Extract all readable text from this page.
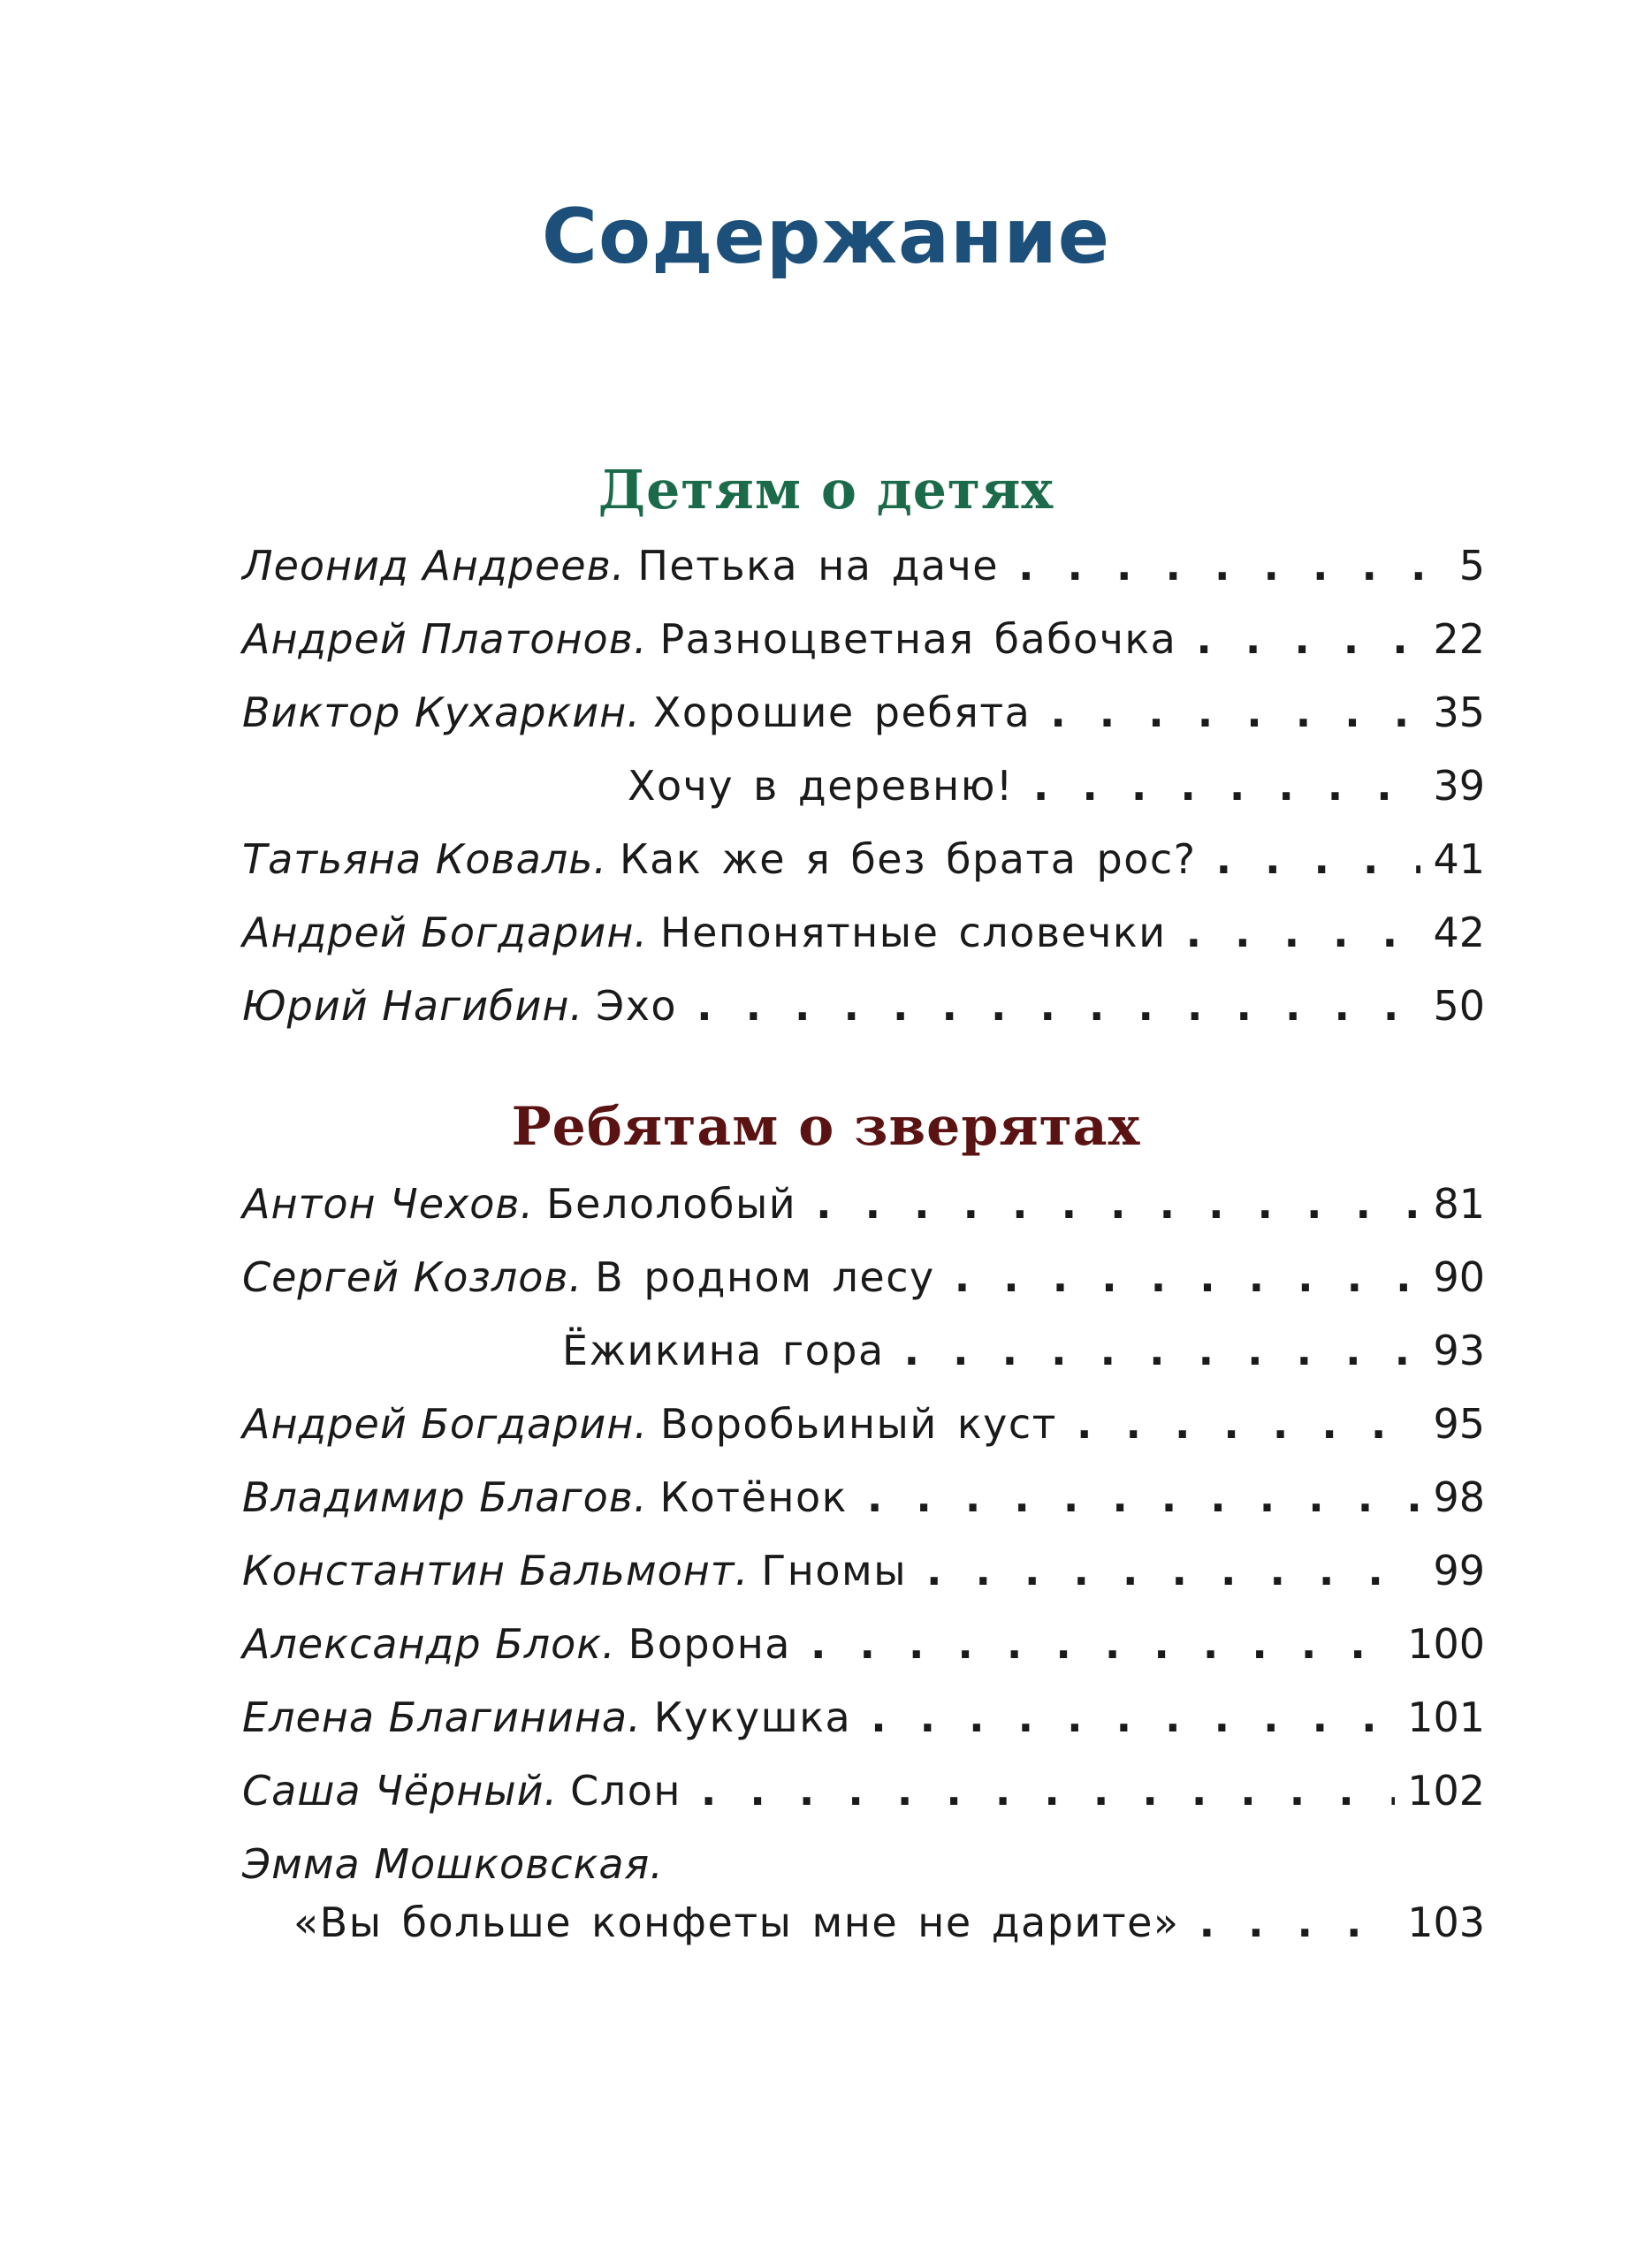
Содержание
Детям о детях
Леонид Андреев. Петька на даче . . .	5
Андрей Платонов. Разноцветная бабочка . . .	22
Виктор Кухаркин. Хорошие ребята . . .	35
Хочу в деревню! . . .	39
Татьяна Коваль. Как же я без брата рос? . . .	41
Андрей Богдарин. Непонятные словечки . . .	42
Юрий Нагибин. Эхо . . .	50
Ребятам о зверятах
Антон Чехов. Белолобый . . .	81
Сергей Козлов. В родном лесу . . .	90
Ёжикина гора . . .	93
Андрей Богдарин. Воробьиный куст . . .	95
Владимир Благов. Котёнок . . .	98
Константин Бальмонт. Гномы . . .	99
Александр Блок. Ворона . . .	100
Елена Благинина. Кукушка . . .	101
Саша Чёрный. Слон . . .	102
Эмма Мошковская.
«Вы больше конфеты мне не дарите» . . .	103
